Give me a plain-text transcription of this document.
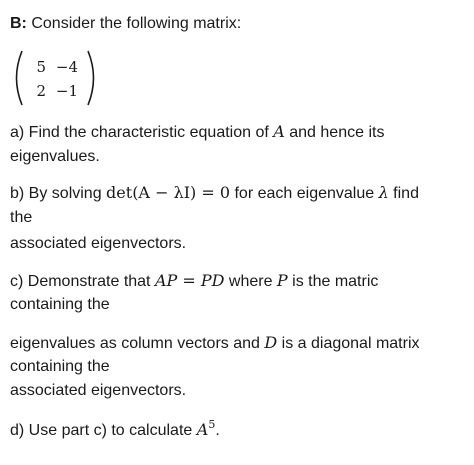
B: Consider the following matrix:
5 −4
2 −1
a) Find the characteristic equation of A and hence its
eigenvalues.
b) By solving det(A − λI) = 0 for each eigenvalue λ find
the
associated eigenvectors.
c) Demonstrate that AP = PD where P is the matric
containing the
eigenvalues as column vectors and D is a diagonal matrix
containing the
associated eigenvectors.
d) Use part c) to calculate $A^5$.
